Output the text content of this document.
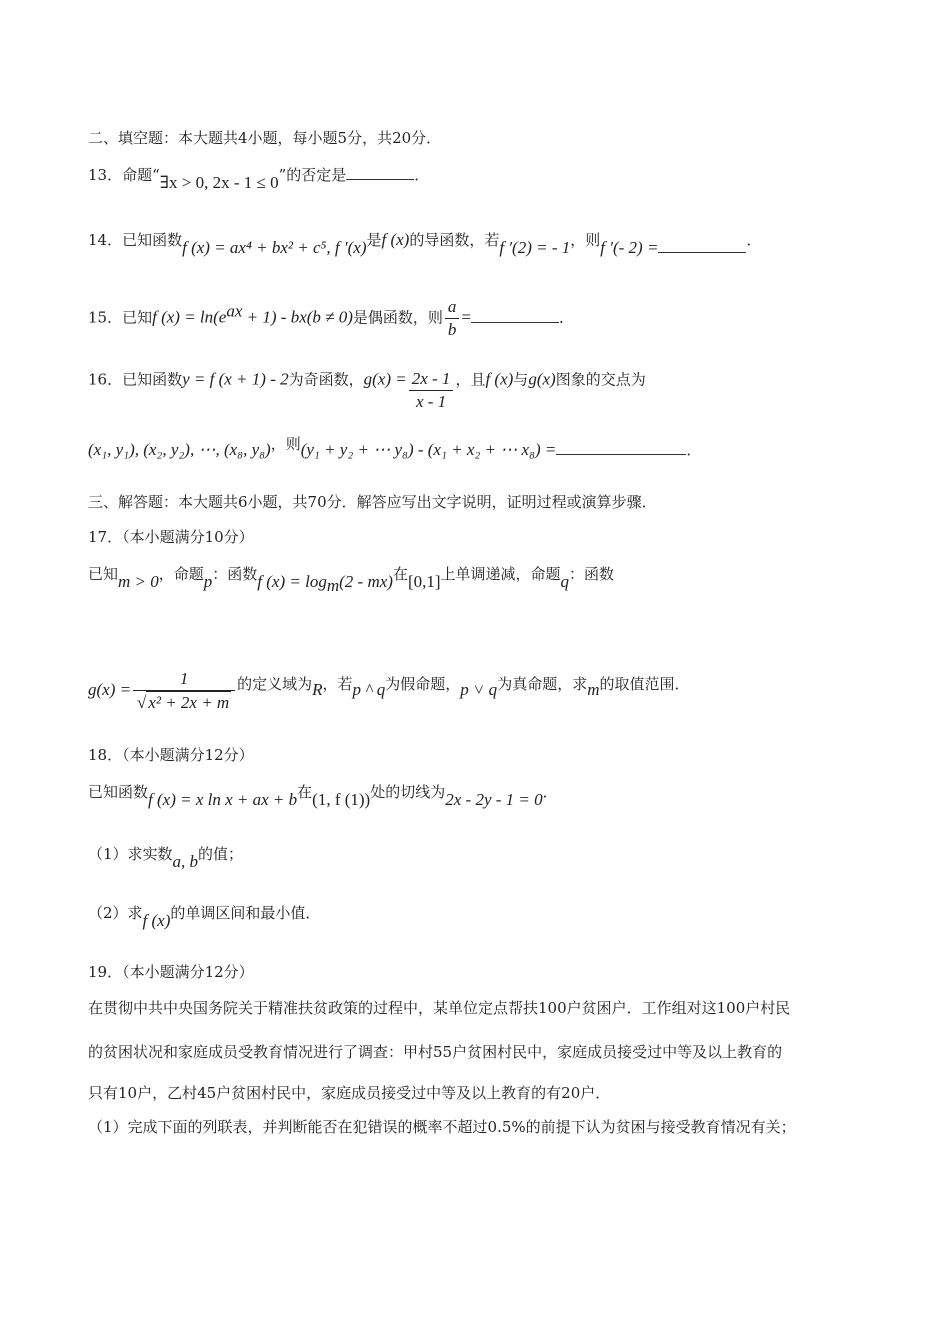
二、填空题：本大题共4小题，每小题5分，共20分．
13．命题“∃x > 0, 2x - 1 ≤ 0”的否定是	．
14．已知函数f (x) = ax⁴ + bx² + c⁵, f ′(x)是f (x)的导函数，若f ′(2) = - 1，则f ′(- 2) =	．
15．已知f $(x) = \ln(e^{ax} + 1) - bx(b \ne 0)$是偶函数，则 $\frac{a}{b}$ =	．
16．已知函数y = f (x + 1) - 2为奇函数，$g(x) = \frac{2x - 1}{x - 1}$ ，且f (x)与g(x)图象的交点为
(x₁, y₁), (x₂, y₂), ⋯, (x₈, y₈)，则(y₁ + y₂ + ⋯ y₈) - (x₁ + x₂ + ⋯ x₈) =	．
三、解答题：本大题共6小题，共70分．解答应写出文字说明，证明过程或演算步骤．
17．（本小题满分10分）
已知m > 0，命题p：函数f $(x) = \log_m(2 - mx)$在[0,1]上单调递减，命题q：函数
$g(x) = \frac{1}{\text{√ x² + 2x + m}}$ 的定义域为R，若p ^ q为假命题，p ˅ q为真命题，求m的取值范围．
18．（本小题满分12分）
已知函数f (x) = x ln x + ax + b在(1, f (1))处的切线为2x - 2y - 1 = 0．
（1）求实数a, b的值；
（2）求f (x)的单调区间和最小值．
19．（本小题满分12分）
在贯彻中共中央国务院关于精准扶贫政策的过程中，某单位定点帮扶100户贫困户．工作组对这100户村民
的贫困状况和家庭成员受教育情况进行了调查：甲村55户贫困村民中，家庭成员接受过中等及以上教育的
只有10户，乙村45户贫困村民中，家庭成员接受过中等及以上教育的有20户．
（1）完成下面的列联表，并判断能否在犯错误的概率不超过0.5%的前提下认为贫困与接受教育情况有关；
